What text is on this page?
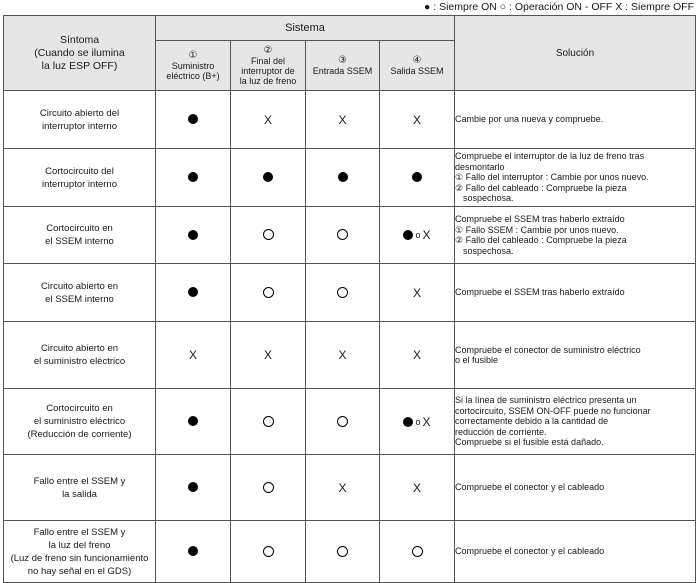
● : Siempre ON ○ : Operación ON - OFF X : Siempre OFF
Síntoma
(Cuando se ilumina
la luz ESP OFF)	Sistema				Solución

	①
Suministro
eléctrico (B+)	②
Final del
interruptor de
la luz de freno	③
Entrada SSEM	④
Salida SSEM	
Circuito abierto del
interruptor interno		X	X	X	Cambie por una nueva y compruebe.

Cortocircuito del
interruptor interno					Compruebe el interruptor de la luz de freno tras
desmontarlo
① Fallo del interruptor : Cambie por unos nuevo.
② Fallo del cableado : Compruebe la pieza
sospechosa.

Cortocircuito en
el SSEM interno				o X	Compruebe el SSEM tras haberlo extraído
① Fallo SSEM : Cambie por unos nuevo.
② Fallo del cableado : Compruebe la pieza
sospechosa.

Circuito abierto en
el SSEM interno				X	Compruebe el SSEM tras haberlo extraído

Circuito abierto en
el suministro eléctrico	X	X	X	X	Compruebe el conector de suministro eléctrico
o el fusible

Cortocircuito en
el suministro eléctrico
(Reducción de corriente)				o X	Si la línea de suministro eléctrico presenta un
cortocircuito, SSEM ON-OFF puede no funcionar
correctamente debido a la cantidad de
reducción de corriente.
Compruebe si el fusible está dañado.

Fallo entre el SSEM y
la salida			X	X	Compruebe el conector y el cableado

Fallo entre el SSEM y
la luz del freno
(Luz de freno sin funcionamiento
no hay señal en el GDS)					Compruebe el conector y el cableado
